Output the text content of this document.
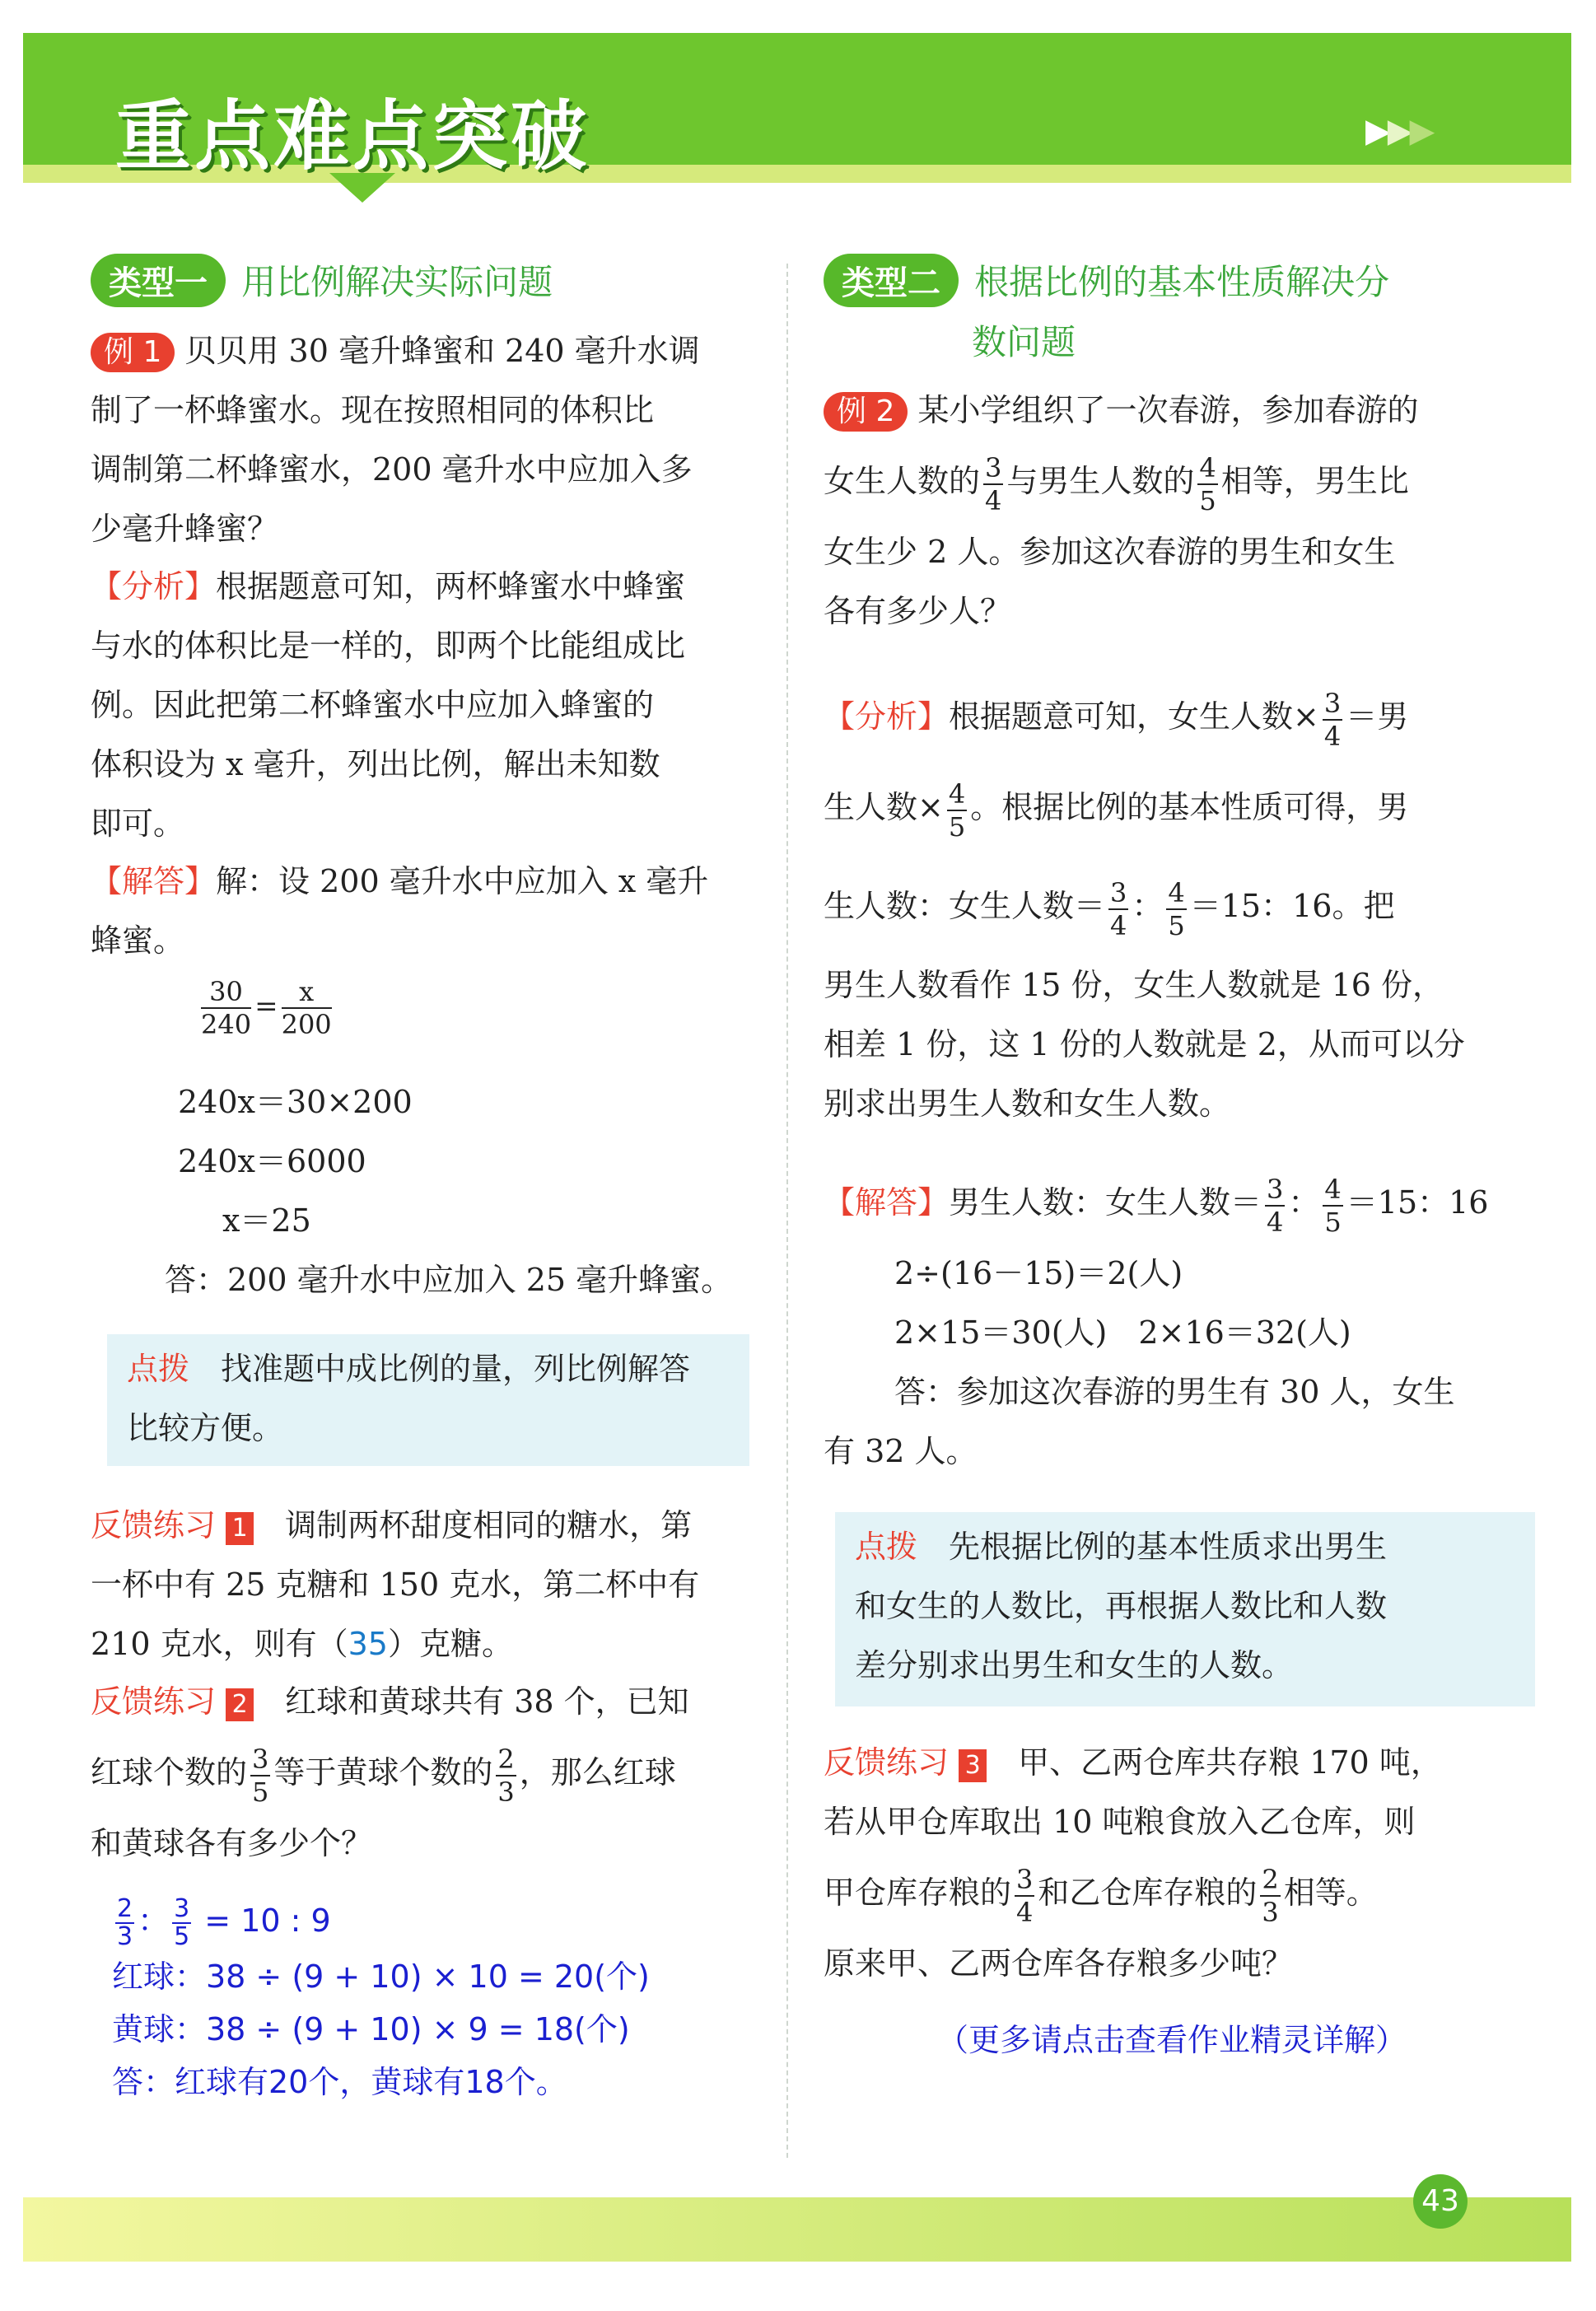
重点难点突破	▶▶▶
类型一 用比例解决实际问题
例 1 贝贝用 30 毫升蜂蜜和 240 毫升水调
制了一杯蜂蜜水。现在按照相同的体积比
调制第二杯蜂蜜水，200 毫升水中应加入多
少毫升蜂蜜？
【分析】根据题意可知，两杯蜂蜜水中蜂蜜
与水的体积比是一样的，即两个比能组成比
例。因此把第二杯蜂蜜水中应加入蜂蜜的
体积设为 x 毫升，列出比例，解出未知数
即可。
【解答】解：设 200 毫升水中应加入 x 毫升
蜂蜜。
$\frac{30}{240} = \frac{x}{200}$
240x＝30×200
240x＝6000
x＝25
答：200 毫升水中应加入 25 毫升蜂蜜。
点拨　 找准题中成比例的量，列比例解答
比较方便。
反馈练习 1　 调制两杯甜度相同的糖水，第
一杯中有 25 克糖和 150 克水，第二杯中有
210 克水，则有（35）克糖。
反馈练习 2　 红球和黄球共有 38 个，已知
红球个数的 $\frac{3}{5}$ 等于黄球个数的 $\frac{2}{3}$ ，那么红球
和黄球各有多少个？
$\frac{2}{3}$ ： $\frac{3}{5} = 10$ : 9
红球：38 ÷ (9 + 10) × 10 = 20(个)
黄球：38 ÷ (9 + 10) × 9 = 18(个)
答：红球有20个，黄球有18个。
类型二 根据比例的基本性质解决分
数问题
例 2 某小学组织了一次春游，参加春游的
女生人数的 $\frac{3}{4}$ 与男生人数的 $\frac{4}{5}$ 相等，男生比
女生少 2 人。参加这次春游的男生和女生
各有多少人？
【分析】根据题意可知，女生人数× $\frac{3}{4}$ ＝男
生人数× $\frac{4}{5}$ 。根据比例的基本性质可得，男
生人数：女生人数＝ $\frac{3}{4}$ ： $\frac{4}{5} =15$：16。把
男生人数看作 15 份，女生人数就是 16 份，
相差 1 份，这 1 份的人数就是 2，从而可以分
别求出男生人数和女生人数。
【解答】男生人数：女生人数＝ $\frac{3}{4}$ ： $\frac{4}{5} =15$：16
2÷(16－15)＝2(人)
2×15＝30(人)　2×16＝32(人)
答：参加这次春游的男生有 30 人，女生
有 32 人。
点拨　 先根据比例的基本性质求出男生
和女生的人数比，再根据人数比和人数
差分别求出男生和女生的人数。
反馈练习 3　 甲、乙两仓库共存粮 170 吨，
若从甲仓库取出 10 吨粮食放入乙仓库，则
甲仓库存粮的 $\frac{3}{4}$ 和乙仓库存粮的 $\frac{2}{3}$ 相等。
原来甲、乙两仓库各存粮多少吨？
（更多请点击查看作业精灵详解）
43
